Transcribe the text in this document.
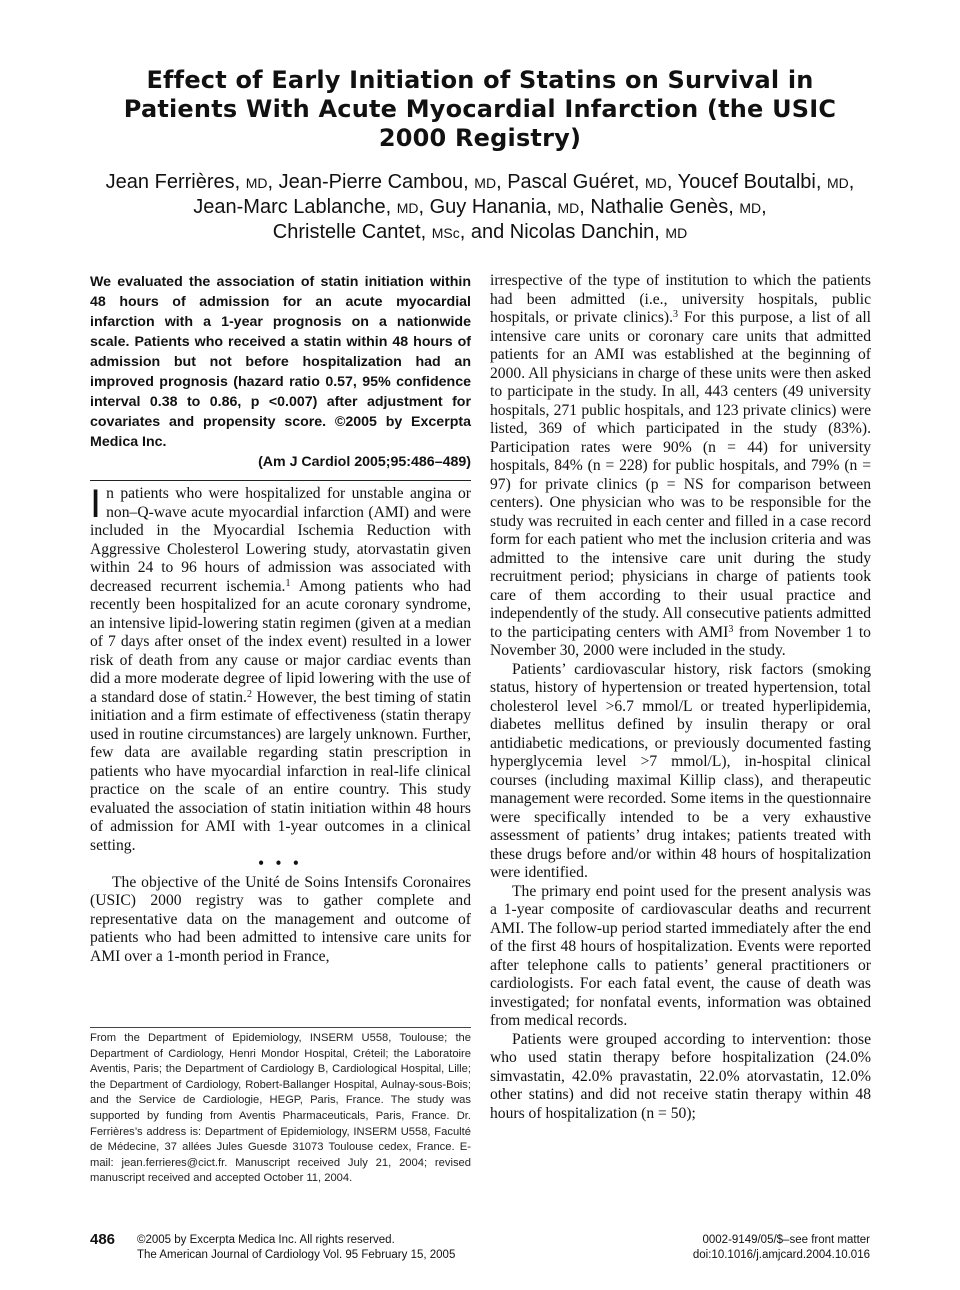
Effect of Early Initiation of Statins on Survival in Patients With Acute Myocardial Infarction (the USIC 2000 Registry)
Jean Ferrières, MD, Jean-Pierre Cambou, MD, Pascal Guéret, MD, Youcef Boutalbi, MD,
Jean-Marc Lablanche, MD, Guy Hanania, MD, Nathalie Genès, MD,
Christelle Cantet, MSc, and Nicolas Danchin, MD

We evaluated the association of statin initiation within 48 hours of admission for an acute myocardial infarction with a 1-year prognosis on a nationwide scale. Patients who received a statin within 48 hours of admission but not before hospitalization had an improved prognosis (hazard ratio 0.57, 95% confidence interval 0.38 to 0.86, p <0.007) after adjustment for covariates and propensity score. ©2005 by Excerpta Medica Inc.

(Am J Cardiol 2005;95:486–489)

In patients who were hospitalized for unstable angina or non–Q-wave acute myocardial infarction (AMI) and were included in the Myocardial Ischemia Reduction with Aggressive Cholesterol Lowering study, atorvastatin given within 24 to 96 hours of admission was associated with decreased recurrent ischemia.$^1$ Among patients who had recently been hospitalized for an acute coronary syndrome, an intensive lipid-lowering statin regimen (given at a median of 7 days after onset of the index event) resulted in a lower risk of death from any cause or major cardiac events than did a more moderate degree of lipid lowering with the use of a standard dose of statin.$^2$ However, the best timing of statin initiation and a firm estimate of effectiveness (statin therapy used in routine circumstances) are largely unknown. Further, few data are available regarding statin prescription in patients who have myocardial infarction in real-life clinical practice on the scale of an entire country. This study evaluated the association of statin initiation within 48 hours of admission for AMI with 1-year outcomes in a clinical setting.

• • •

The objective of the Unité de Soins Intensifs Coronaires (USIC) 2000 registry was to gather complete and representative data on the management and outcome of patients who had been admitted to intensive care units for AMI over a 1-month period in France,

irrespective of the type of institution to which the patients had been admitted (i.e., university hospitals, public hospitals, or private clinics).$^3$ For this purpose, a list of all intensive care units or coronary care units that admitted patients for an AMI was established at the beginning of 2000. All physicians in charge of these units were then asked to participate in the study. In all, 443 centers (49 university hospitals, 271 public hospitals, and 123 private clinics) were listed, 369 of which participated in the study (83%). Participation rates were 90% (n = 44) for university hospitals, 84% (n = 228) for public hospitals, and 79% (n = 97) for private clinics (p = NS for comparison between centers). One physician who was to be responsible for the study was recruited in each center and filled in a case record form for each patient who met the inclusion criteria and was admitted to the intensive care unit during the study recruitment period; physicians in charge of patients took care of them according to their usual practice and independently of the study. All consecutive patients admitted to the participating centers with AMI$^3$ from November 1 to November 30, 2000 were included in the study.

Patients’ cardiovascular history, risk factors (smoking status, history of hypertension or treated hypertension, total cholesterol level >6.7 mmol/L or treated hyperlipidemia, diabetes mellitus defined by insulin therapy or oral antidiabetic medications, or previously documented fasting hyperglycemia level >7 mmol/L), in-hospital clinical courses (including maximal Killip class), and therapeutic management were recorded. Some items in the questionnaire were specifically intended to be a very exhaustive assessment of patients’ drug intakes; patients treated with these drugs before and/or within 48 hours of hospitalization were identified.

The primary end point used for the present analysis was a 1-year composite of cardiovascular deaths and recurrent AMI. The follow-up period started immediately after the end of the first 48 hours of hospitalization. Events were reported after telephone calls to patients’ general practitioners or cardiologists. For each fatal event, the cause of death was investigated; for nonfatal events, information was obtained from medical records.

Patients were grouped according to intervention: those who used statin therapy before hospitalization (24.0% simvastatin, 42.0% pravastatin, 22.0% atorvastatin, 12.0% other statins) and did not receive statin therapy within 48 hours of hospitalization (n = 50);

From the Department of Epidemiology, INSERM U558, Toulouse; the Department of Cardiology, Henri Mondor Hospital, Créteil; the Laboratoire Aventis, Paris; the Department of Cardiology B, Cardiological Hospital, Lille; the Department of Cardiology, Robert-Ballanger Hospital, Aulnay-sous-Bois; and the Service de Cardiologie, HEGP, Paris, France. The study was supported by funding from Aventis Pharmaceuticals, Paris, France. Dr. Ferrières’s address is: Department of Epidemiology, INSERM U558, Faculté de Médecine, 37 allées Jules Guesde 31073 Toulouse cedex, France. E-mail: jean.ferrieres@cict.fr. Manuscript received July 21, 2004; revised manuscript received and accepted October 11, 2004.
486 ©2005 by Excerpta Medica Inc. All rights reserved.
The American Journal of Cardiology Vol. 95 February 15, 2005
0002-9149/05/$–see front matter
doi:10.1016/j.amjcard.2004.10.016
